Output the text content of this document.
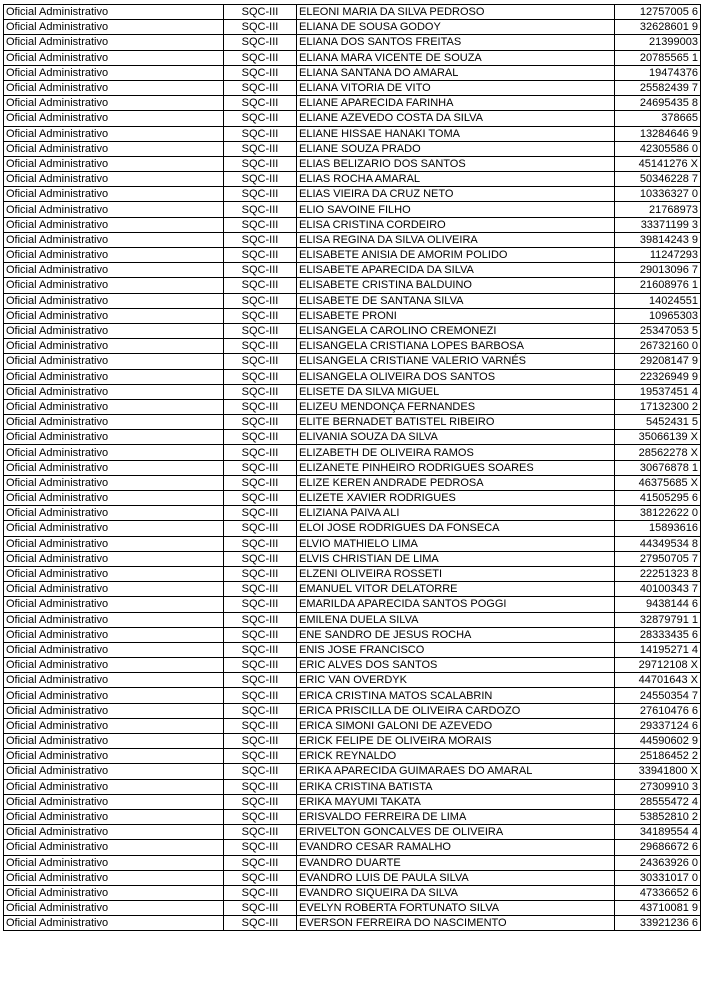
Oficial Administrativo	SQC-III	ELEONI MARIA DA SILVA PEDROSO	12757005 6
Oficial Administrativo	SQC-III	ELIANA DE SOUSA GODOY	32628601 9
Oficial Administrativo	SQC-III	ELIANA DOS SANTOS FREITAS	21399003
Oficial Administrativo	SQC-III	ELIANA MARA VICENTE DE SOUZA	20785565 1
Oficial Administrativo	SQC-III	ELIANA SANTANA DO AMARAL	19474376
Oficial Administrativo	SQC-III	ELIANA VITORIA DE VITO	25582439 7
Oficial Administrativo	SQC-III	ELIANE APARECIDA FARINHA	24695435 8
Oficial Administrativo	SQC-III	ELIANE AZEVEDO COSTA DA SILVA	378665
Oficial Administrativo	SQC-III	ELIANE HISSAE HANAKI TOMA	13284646 9
Oficial Administrativo	SQC-III	ELIANE SOUZA PRADO	42305586 0
Oficial Administrativo	SQC-III	ELIAS BELIZARIO DOS SANTOS	45141276 X
Oficial Administrativo	SQC-III	ELIAS ROCHA AMARAL	50346228 7
Oficial Administrativo	SQC-III	ELIAS VIEIRA DA CRUZ NETO	10336327 0
Oficial Administrativo	SQC-III	ELIO SAVOINE FILHO	21768973
Oficial Administrativo	SQC-III	ELISA CRISTINA CORDEIRO	33371199 3
Oficial Administrativo	SQC-III	ELISA REGINA DA SILVA OLIVEIRA	39814243 9
Oficial Administrativo	SQC-III	ELISABETE ANISIA DE AMORIM POLIDO	11247293
Oficial Administrativo	SQC-III	ELISABETE APARECIDA DA SILVA	29013096 7
Oficial Administrativo	SQC-III	ELISABETE CRISTINA BALDUINO	21608976 1
Oficial Administrativo	SQC-III	ELISABETE DE SANTANA SILVA	14024551
Oficial Administrativo	SQC-III	ELISABETE PRONI	10965303
Oficial Administrativo	SQC-III	ELISANGELA CAROLINO CREMONEZI	25347053 5
Oficial Administrativo	SQC-III	ELISANGELA CRISTIANA LOPES BARBOSA	26732160 0
Oficial Administrativo	SQC-III	ELISANGELA CRISTIANE VALERIO VARNÉS	29208147 9
Oficial Administrativo	SQC-III	ELISANGELA OLIVEIRA DOS SANTOS	22326949 9
Oficial Administrativo	SQC-III	ELISETE DA SILVA MIGUEL	19537451 4
Oficial Administrativo	SQC-III	ELIZEU MENDONÇA FERNANDES	17132300 2
Oficial Administrativo	SQC-III	ELITE BERNADET BATISTEL RIBEIRO	5452431 5
Oficial Administrativo	SQC-III	ELIVANIA SOUZA DA SILVA	35066139 X
Oficial Administrativo	SQC-III	ELIZABETH DE OLIVEIRA RAMOS	28562278 X
Oficial Administrativo	SQC-III	ELIZANETE PINHEIRO RODRIGUES SOARES	30676878 1
Oficial Administrativo	SQC-III	ELIZE KEREN ANDRADE PEDROSA	46375685 X
Oficial Administrativo	SQC-III	ELIZETE XAVIER RODRIGUES	41505295 6
Oficial Administrativo	SQC-III	ELIZIANA PAIVA ALI	38122622 0
Oficial Administrativo	SQC-III	ELOI JOSE RODRIGUES DA FONSECA	15893616
Oficial Administrativo	SQC-III	ELVIO MATHIELO LIMA	44349534 8
Oficial Administrativo	SQC-III	ELVIS CHRISTIAN DE LIMA	27950705 7
Oficial Administrativo	SQC-III	ELZENI OLIVEIRA ROSSETI	22251323 8
Oficial Administrativo	SQC-III	EMANUEL VITOR DELATORRE	40100343 7
Oficial Administrativo	SQC-III	EMARILDA APARECIDA SANTOS POGGI	9438144 6
Oficial Administrativo	SQC-III	EMILENA DUELA SILVA	32879791 1
Oficial Administrativo	SQC-III	ENE SANDRO DE JESUS ROCHA	28333435 6
Oficial Administrativo	SQC-III	ENIS JOSE FRANCISCO	14195271 4
Oficial Administrativo	SQC-III	ERIC ALVES DOS SANTOS	29712108 X
Oficial Administrativo	SQC-III	ERIC VAN OVERDYK	44701643 X
Oficial Administrativo	SQC-III	ERICA CRISTINA MATOS SCALABRIN	24550354 7
Oficial Administrativo	SQC-III	ERICA PRISCILLA DE OLIVEIRA CARDOZO	27610476 6
Oficial Administrativo	SQC-III	ERICA SIMONI GALONI DE AZEVEDO	29337124 6
Oficial Administrativo	SQC-III	ERICK FELIPE DE OLIVEIRA MORAIS	44590602 9
Oficial Administrativo	SQC-III	ERICK REYNALDO	25186452 2
Oficial Administrativo	SQC-III	ERIKA APARECIDA GUIMARAES DO AMARAL	33941800 X
Oficial Administrativo	SQC-III	ERIKA CRISTINA BATISTA	27309910 3
Oficial Administrativo	SQC-III	ERIKA MAYUMI TAKATA	28555472 4
Oficial Administrativo	SQC-III	ERISVALDO FERREIRA DE LIMA	53852810 2
Oficial Administrativo	SQC-III	ERIVELTON GONCALVES DE OLIVEIRA	34189554 4
Oficial Administrativo	SQC-III	EVANDRO CESAR RAMALHO	29686672 6
Oficial Administrativo	SQC-III	EVANDRO DUARTE	24363926 0
Oficial Administrativo	SQC-III	EVANDRO LUIS DE PAULA SILVA	30331017 0
Oficial Administrativo	SQC-III	EVANDRO SIQUEIRA DA SILVA	47336652 6
Oficial Administrativo	SQC-III	EVELYN ROBERTA FORTUNATO SILVA	43710081 9
Oficial Administrativo	SQC-III	EVERSON FERREIRA DO NASCIMENTO	33921236 6
